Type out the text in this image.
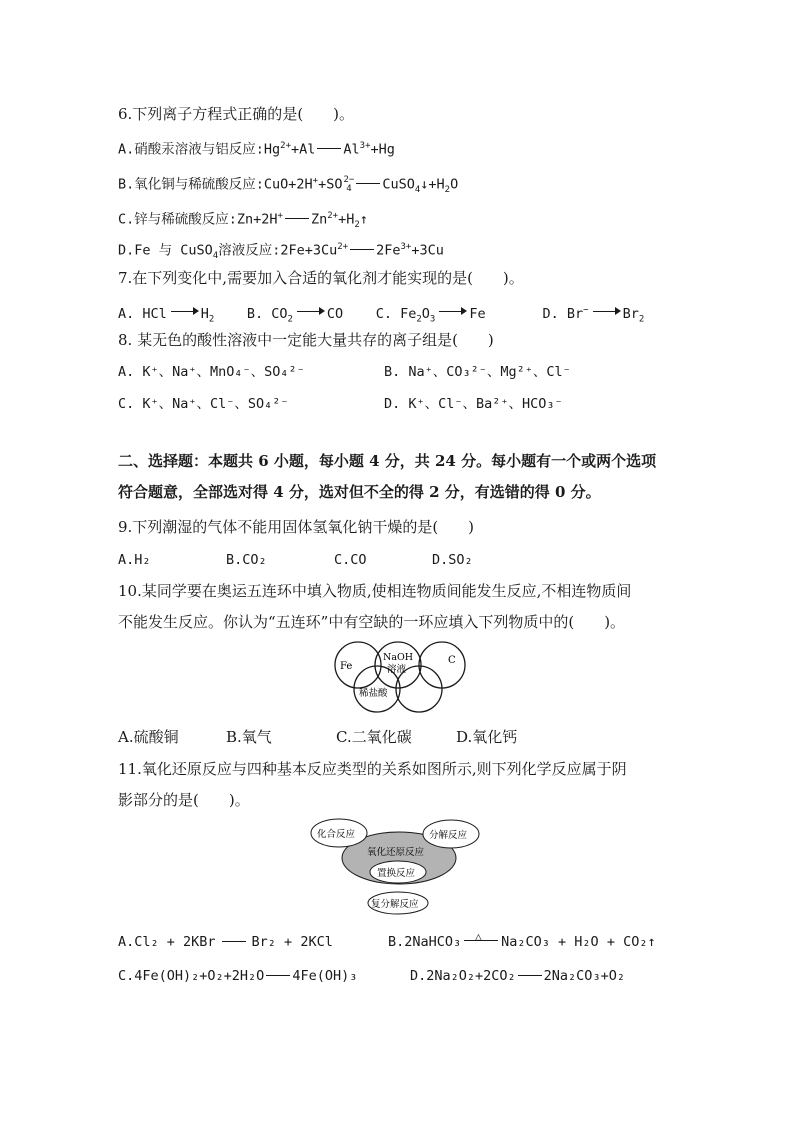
6.下列离子方程式正确的是(　　)。
A.硝酸汞溶液与铝反应$:Hg^{2+}+Al$ $Al^{3+}+Hg$
B.氧化铜与稀硫酸反应:CuO+2H++SO2−
4 $CuSO_4↓+H_2O$
C.锌与稀硫酸反应:Zn+2H+ $Zn^{2+}+H_2↑$
D.Fe 与 CuSO$_4$溶液反应$:2Fe+3Cu^{2+}$ $2Fe^{3+}+3Cu$
7.在下列变化中,需要加入合适的氧化剂才能实现的是(　　)。
A. HCl	$H_2$ B. $CO_2$	CO C. $Fe_2O_3$	Fe	D. Br−	$Br_2$
8. 某无色的酸性溶液中一定能大量共存的离子组是(　　)
A. K⁺、Na⁺、MnO₄⁻、SO₄²⁻	B. Na⁺、CO₃²⁻、Mg²⁺、Cl⁻
C. K⁺、Na⁺、Cl⁻、SO₄²⁻	D. K⁺、Cl⁻、Ba²⁺、HCO₃⁻
二、选择题：本题共 6 小题，每小题 4 分，共 24 分。每小题有一个或两个选项
符合题意，全部选对得 4 分，选对但不全的得 2 分，有选错的得 0 分。
9.下列潮湿的气体不能用固体氢氧化钠干燥的是(　　)
A.H₂	B.CO₂	C.CO	D.SO₂
10.某同学要在奥运五连环中填入物质,使相连物质间能发生反应,不相连物质间
不能发生反应。你认为“五连环”中有空缺的一环应填入下列物质中的(　　)。
Fe
NaOH
溶液
C
稀盐酸
A.硫酸铜	B.氧气	C.二氧化碳	D.氧化钙
11.氧化还原反应与四种基本反应类型的关系如图所示,则下列化学反应属于阴
影部分的是(　　)。
化合反应	分解反应
氧化还原反应
置换反应
复分解反应
A.Cl₂ + 2KBr	Br₂ + 2KCl	B.2NaHCO₃ △ Na₂CO₃ + H₂O + CO₂↑
C.4Fe(OH)₂+O₂+2H₂O 4Fe(OH)₃	D.2Na₂O₂+2CO₂ 2Na₂CO₃+O₂
